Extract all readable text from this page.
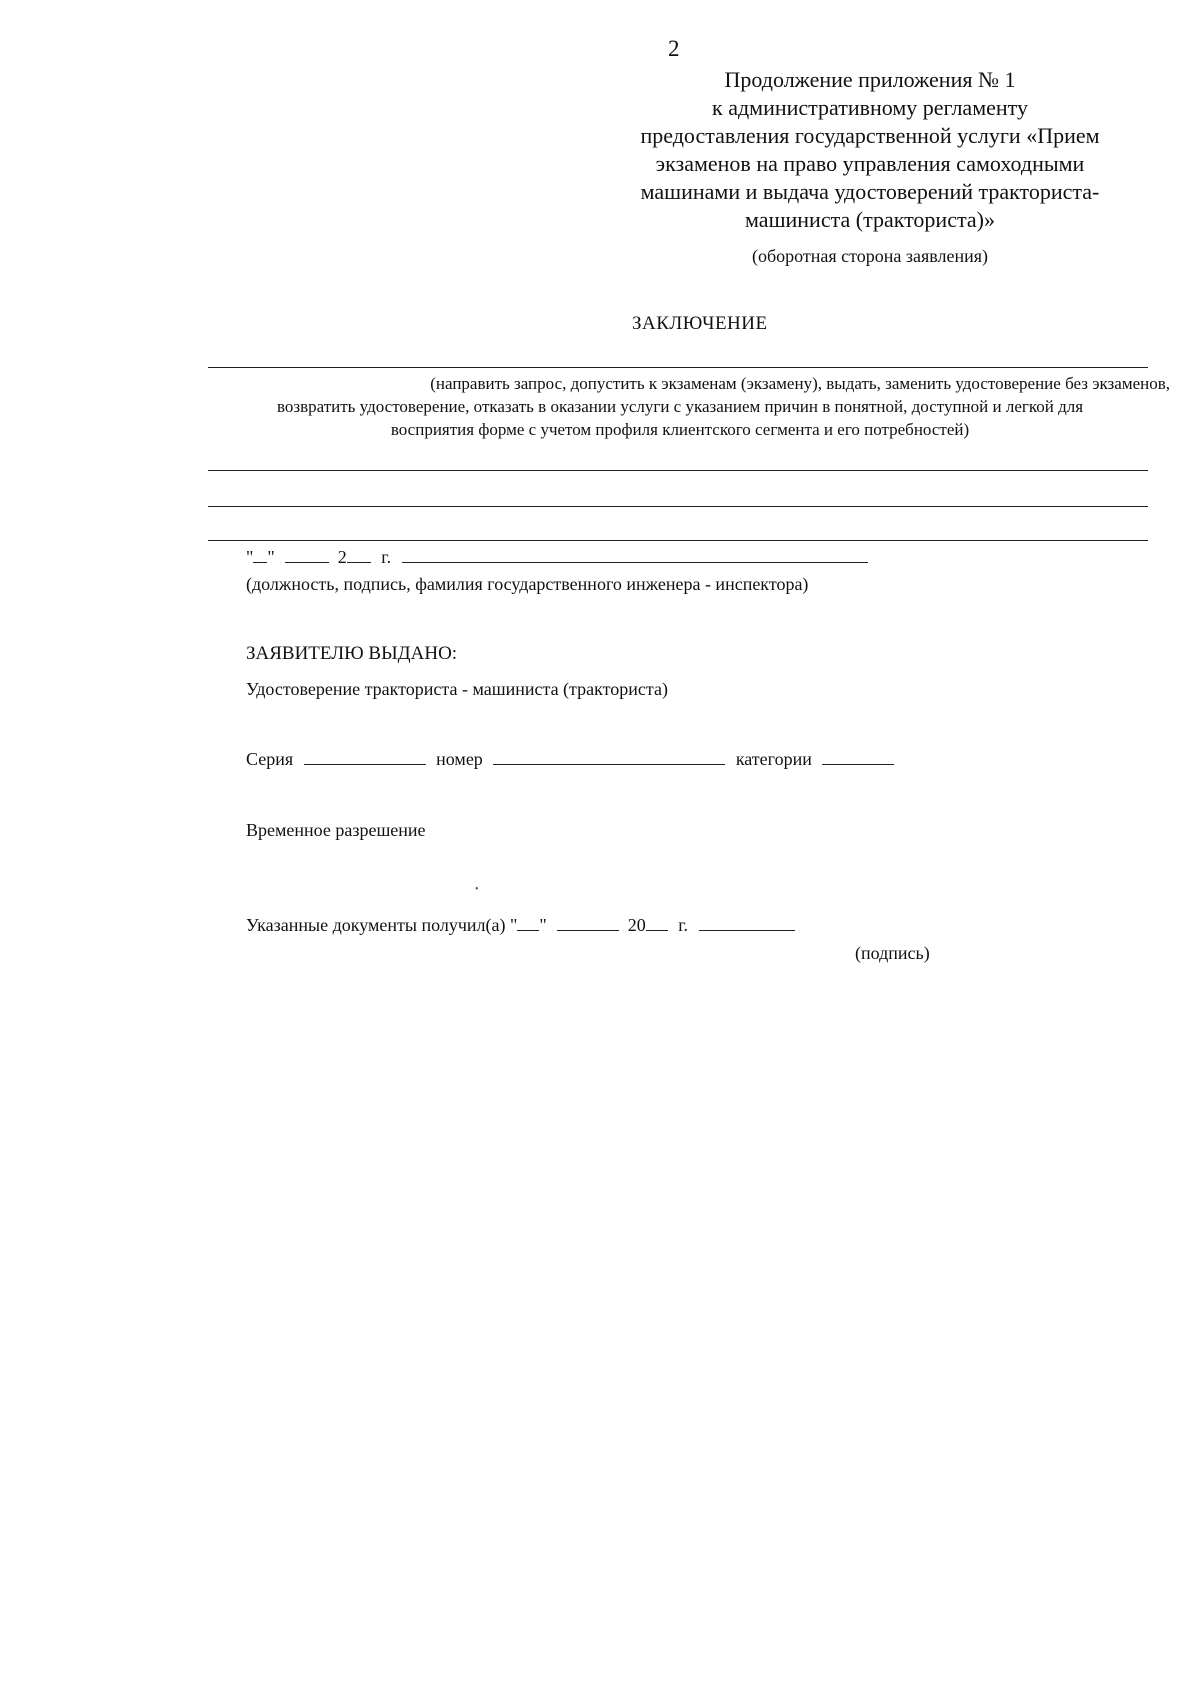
2
Продолжение приложения № 1
к административному регламенту
предоставления государственной услуги «Прием
экзаменов на право управления самоходными
машинами и выдача удостоверений тракториста-
машиниста (тракториста)»
(оборотная сторона заявления)
ЗАКЛЮЧЕНИЕ
(направить запрос, допустить к экзаменам (экзамену), выдать, заменить удостоверение без экзаменов,
возвратить удостоверение, отказать в оказании услуги с указанием причин в понятной, доступной и легкой для
восприятия форме с учетом профиля клиентского сегмента и его потребностей)
" "	2 г.
(должность, подпись, фамилия государственного инженера - инспектора)
ЗАЯВИТЕЛЮ ВЫДАНО:
Удостоверение тракториста - машиниста (тракториста)
Серия	номер	категории
Временное разрешение
•
Указанные документы получил(а) " "	20 г.
(подпись)
